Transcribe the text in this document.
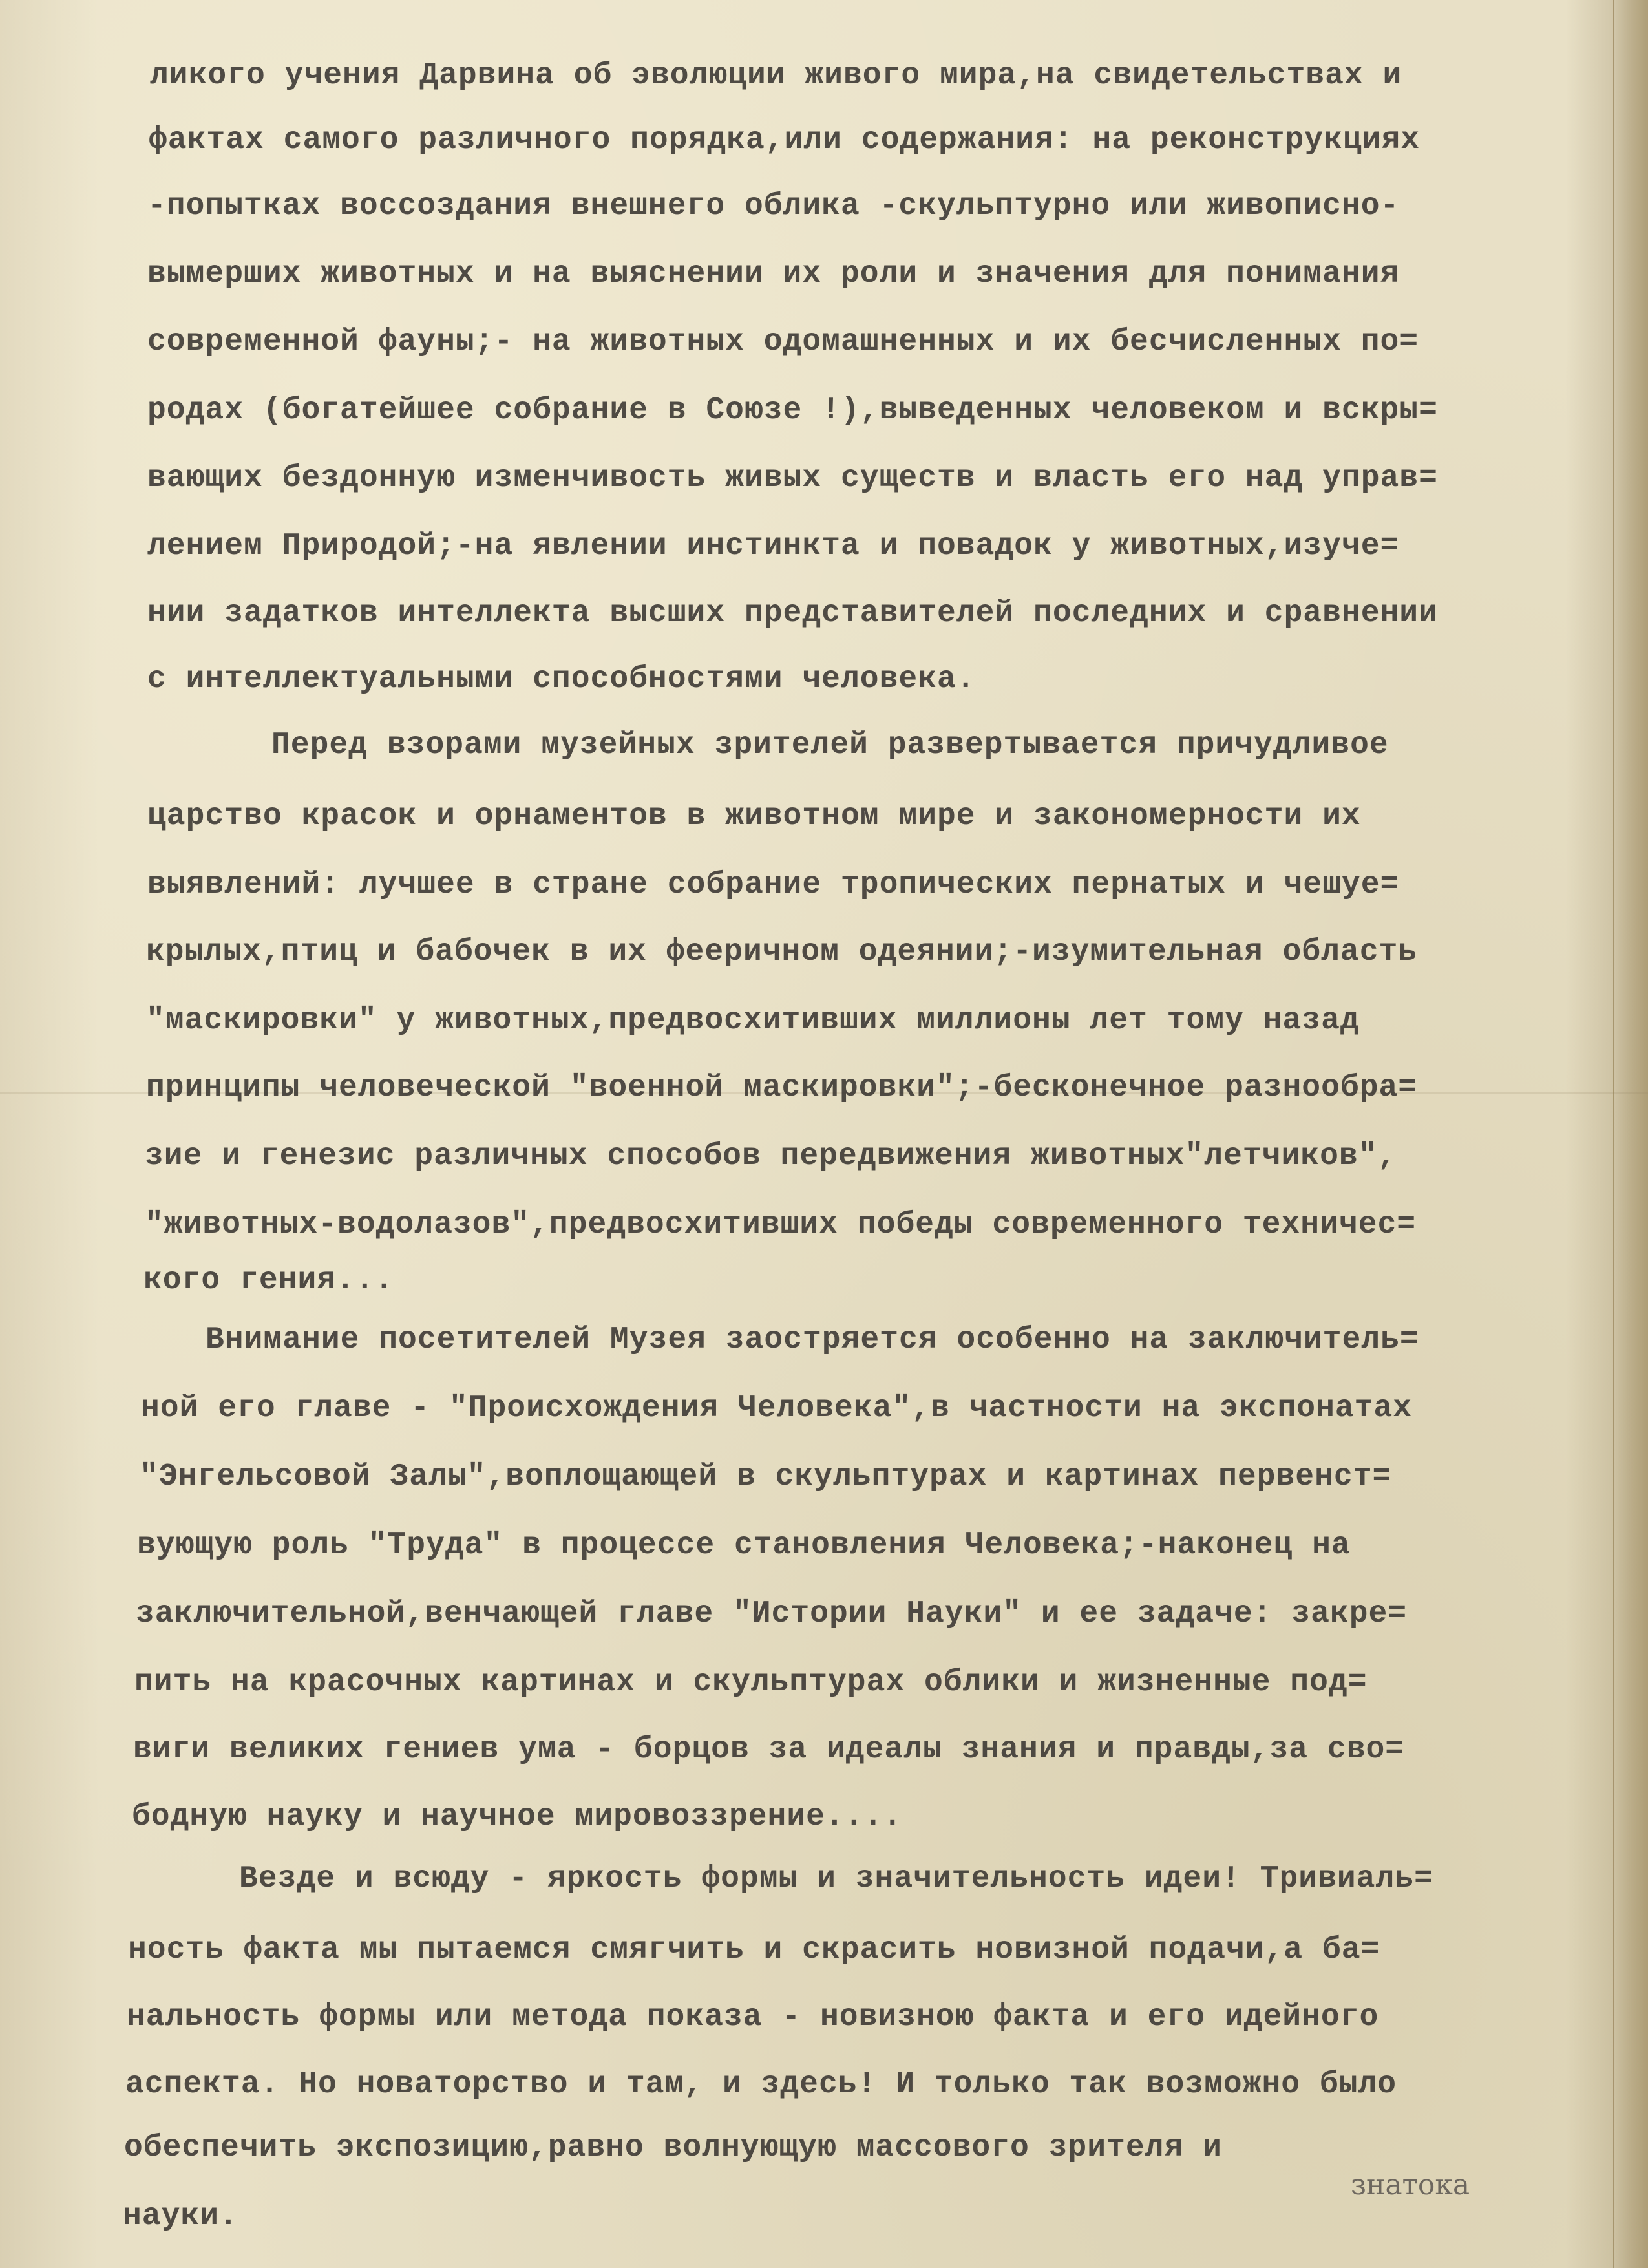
ликого учения Дарвина об эволюции живого мира,на свидетельствах и
фактах самого различного порядка,или содержания: на реконструкциях
-попытках воссоздания внешнего облика -скульптурно или живописно-
вымерших животных и на выяснении их роли и значения для понимания
современной фауны;- на животных одомашненных и их бесчисленных по=
родах (богатейшее собрание в Союзе !),выведенных человеком и вскры=
вающих бездонную изменчивость живых существ и власть его над управ=
лением Природой;-на явлении инстинкта и повадок у животных,изуче=
нии задатков интеллекта высших представителей последних и сравнении
с интеллектуальными способностями человека.
Перед взорами музейных зрителей развертывается причудливое
царство красок и орнаментов в животном мире и закономерности их
выявлений: лучшее в стране собрание тропических пернатых и чешуе=
крылых,птиц и бабочек в их фееричном одеянии;-изумительная область
"маскировки" у животных,предвосхитивших миллионы лет тому назад
принципы человеческой "военной маскировки";-бесконечное разнообра=
зие и генезис различных способов передвижения животных"летчиков",
"животных-водолазов",предвосхитивших победы современного техничес=
кого гения...
Внимание посетителей Музея заостряется особенно на заключитель=
ной его главе - "Происхождения Человека",в частности на экспонатах
"Энгельсовой Залы",воплощающей в скульптурах и картинах первенст=
вующую роль "Труда" в процессе становления Человека;-наконец на
заключительной,венчающей главе "Истории Науки" и ее задаче: закре=
пить на красочных картинах и скульптурах облики и жизненные под=
виги великих гениев ума - борцов за идеалы знания и правды,за сво=
бодную науку и научное мировоззрение....
Везде и всюду - яркость формы и значительность идеи! Тривиаль=
ность факта мы пытаемся смягчить и скрасить новизной подачи,а ба=
нальность формы или метода показа - новизною факта и его идейного
аспекта. Но новаторство и там, и здесь! И только так возможно было
обеспечить экспозицию,равно волнующую массового зрителя и
науки.
знатока
